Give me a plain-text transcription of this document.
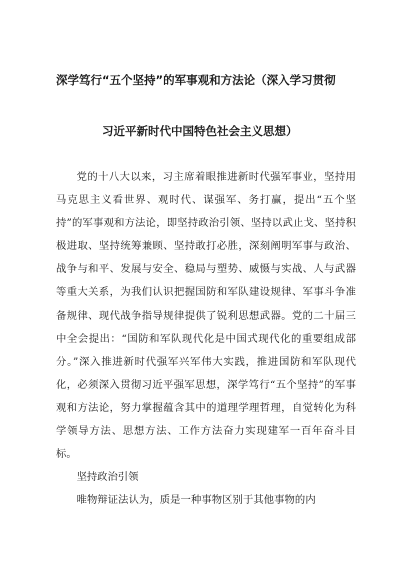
深学笃行“五个坚持”的军事观和方法论（深入学习贯彻
习近平新时代中国特色社会主义思想）

党的十八大以来，习主席着眼推进新时代强军事业，坚持用马克思主义看世界、观时代、谋强军、务打赢，提出“五个坚持”的军事观和方法论，即坚持政治引领、坚持以武止戈、坚持积极进取、坚持统筹兼顾、坚持敢打必胜，深刻阐明军事与政治、战争与和平、发展与安全、稳局与塑势、威慑与实战、人与武器等重大关系，为我们认识把握国防和军队建设规律、军事斗争准备规律、现代战争指导规律提供了锐利思想武器。党的二十届三中全会提出：“国防和军队现代化是中国式现代化的重要组成部分。”深入推进新时代强军兴军伟大实践，推进国防和军队现代化，必须深入贯彻习近平强军思想，深学笃行“五个坚持”的军事观和方法论，努力掌握蕴含其中的道理学理哲理，自觉转化为科学领导方法、思想方法、工作方法奋力实现建军一百年奋斗目标。

坚持政治引领

唯物辩证法认为，质是一种事物区别于其他事物的内
